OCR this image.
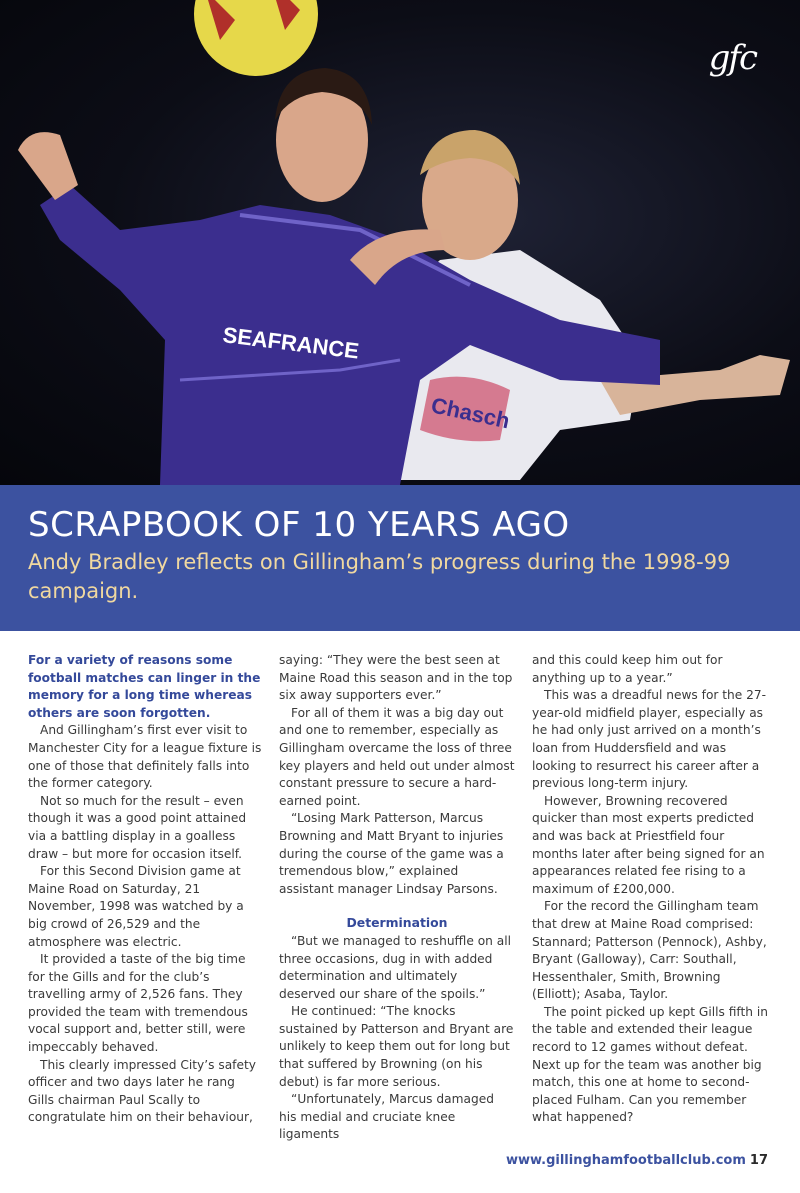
SEAFRANCE
Chasch
gfc
SCRAPBOOK OF 10 YEARS AGO
Andy Bradley reflects on Gillingham’s progress during the 1998-99 campaign.

For a variety of reasons some football matches can linger in the memory for a long time whereas others are soon forgotten.

And Gillingham’s first ever visit to Manchester City for a league fixture is one of those that definitely falls into the former category.

Not so much for the result – even though it was a good point attained via a battling display in a goalless draw – but more for occasion itself.

For this Second Division game at Maine Road on Saturday, 21 November, 1998 was watched by a big crowd of 26,529 and the atmosphere was electric.

It provided a taste of the big time for the Gills and for the club’s travelling army of 2,526 fans. They provided the team with tremendous vocal support and, better still, were impeccably behaved.

This clearly impressed City’s safety officer and two days later he rang Gills chairman Paul Scally to congratulate him on their behaviour,

saying: “They were the best seen at Maine Road this season and in the top six away supporters ever.”

For all of them it was a big day out and one to remember, especially as Gillingham overcame the loss of three key players and held out under almost constant pressure to secure a hard-earned point.

“Losing Mark Patterson, Marcus Browning and Matt Bryant to injuries during the course of the game was a tremendous blow,” explained assistant manager Lindsay Parsons.

Determination

“But we managed to reshuffle on all three occasions, dug in with added determination and ultimately deserved our share of the spoils.”

He continued: “The knocks sustained by Patterson and Bryant are unlikely to keep them out for long but that suffered by Browning (on his debut) is far more serious.

“Unfortunately, Marcus damaged his medial and cruciate knee ligaments

and this could keep him out for anything up to a year.”

This was a dreadful news for the 27-year-old midfield player, especially as he had only just arrived on a month’s loan from Huddersfield and was looking to resurrect his career after a previous long-term injury.

However, Browning recovered quicker than most experts predicted and was back at Priestfield four months later after being signed for an appearances related fee rising to a maximum of £200,000.

For the record the Gillingham team that drew at Maine Road comprised: Stannard; Patterson (Pennock), Ashby, Bryant (Galloway), Carr: Southall, Hessenthaler, Smith, Browning (Elliott); Asaba, Taylor.

The point picked up kept Gills fifth in the table and extended their league record to 12 games without defeat. Next up for the team was another big match, this one at home to second-placed Fulham. Can you remember what happened?

www.gillinghamfootballclub.com 17
